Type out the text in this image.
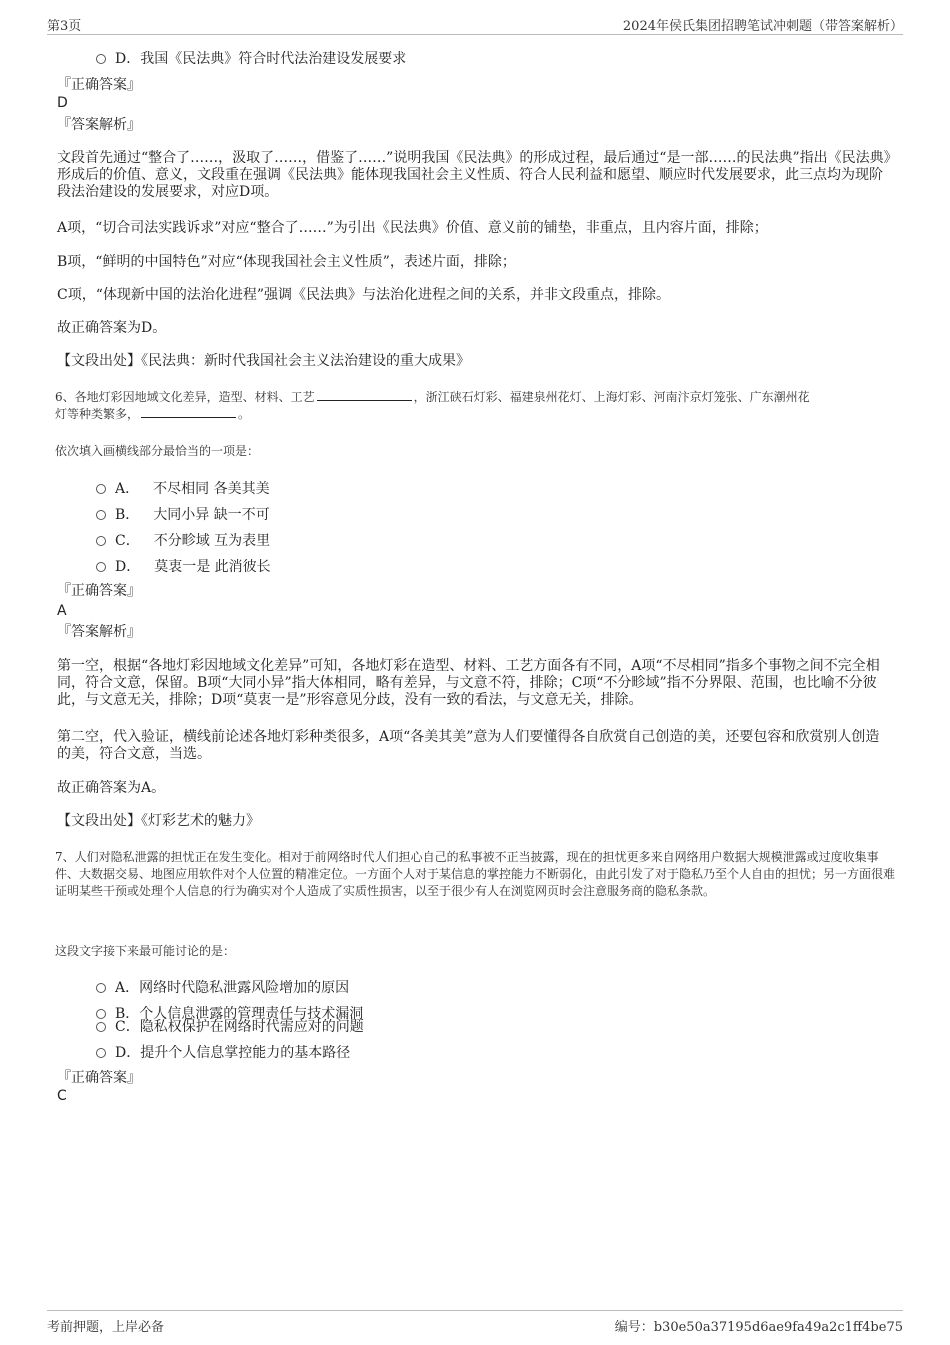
第3页	2024年侯氏集团招聘笔试冲刺题（带答案解析）
D．我国《民法典》符合时代法治建设发展要求
『正确答案』
D
『答案解析』
文段首先通过“整合了……，汲取了……，借鉴了……”说明我国《民法典》的形成过程，最后通过“是一部……的民法典”指出《民法典》形成后的价值、意义，文段重在强调《民法典》能体现我国社会主义性质、符合人民利益和愿望、顺应时代发展要求，此三点均为现阶段法治建设的发展要求，对应D项。
A项，“切合司法实践诉求”对应“整合了……”为引出《民法典》价值、意义前的铺垫，非重点，且内容片面，排除；
B项，“鲜明的中国特色”对应“体现我国社会主义性质”，表述片面，排除；
C项，“体现新中国的法治化进程”强调《民法典》与法治化进程之间的关系，并非文段重点，排除。
故正确答案为D。
【文段出处】《民法典：新时代我国社会主义法治建设的重大成果》
6、各地灯彩因地域文化差异，造型、材料、工艺	，浙江硖石灯彩、福建泉州花灯、上海灯彩、河南汴京灯笼张、广东潮州花
灯等种类繁多，	。
依次填入画横线部分最恰当的一项是：
A． 不尽相同 各美其美
B． 大同小异 缺一不可
C． 不分畛域 互为表里
D． 莫衷一是 此消彼长
『正确答案』
A
『答案解析』
第一空，根据“各地灯彩因地域文化差异”可知，各地灯彩在造型、材料、工艺方面各有不同，A项“不尽相同”指多个事物之间不完全相同，符合文意，保留。B项“大同小异”指大体相同，略有差异，与文意不符，排除；C项“不分畛域”指不分界限、范围，也比喻不分彼此，与文意无关，排除；D项“莫衷一是”形容意见分歧，没有一致的看法，与文意无关，排除。
第二空，代入验证，横线前论述各地灯彩种类很多，A项“各美其美”意为人们要懂得各自欣赏自己创造的美，还要包容和欣赏别人创造的美，符合文意，当选。
故正确答案为A。
【文段出处】《灯彩艺术的魅力》
7、人们对隐私泄露的担忧正在发生变化。相对于前网络时代人们担心自己的私事被不正当披露，现在的担忧更多来自网络用户数据大规模泄露或过度收集事件、大数据交易、地图应用软件对个人位置的精准定位。一方面个人对于某信息的掌控能力不断弱化，由此引发了对于隐私乃至个人自由的担忧；另一方面很难证明某些干预或处理个人信息的行为确实对个人造成了实质性损害，以至于很少有人在浏览网页时会注意服务商的隐私条款。
这段文字接下来最可能讨论的是：
A．网络时代隐私泄露风险增加的原因
B．个人信息泄露的管理责任与技术漏洞
C．隐私权保护在网络时代需应对的问题
D．提升个人信息掌控能力的基本路径
『正确答案』
C
考前押题，上岸必备	编号：b30e50a37195d6ae9fa49a2c1ff4be75
